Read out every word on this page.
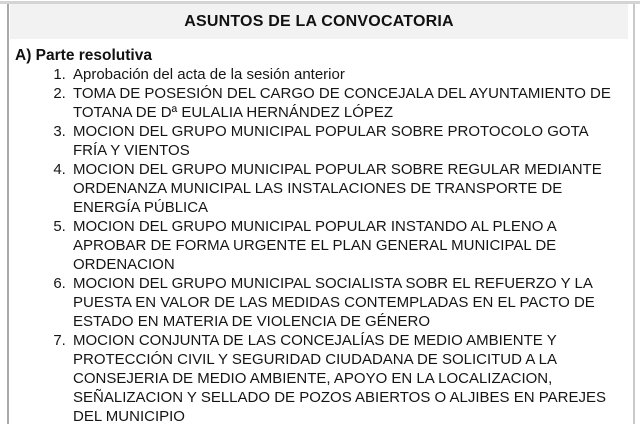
ASUNTOS DE LA CONVOCATORIA
A) Parte resolutiva
1. Aprobación del acta de la sesión anterior
2. TOMA DE POSESIÓN DEL CARGO DE CONCEJALA DEL AYUNTAMIENTO DE TOTANA DE Dª EULALIA HERNÁNDEZ LÓPEZ
3. MOCION DEL GRUPO MUNICIPAL POPULAR SOBRE PROTOCOLO GOTA FRÍA Y VIENTOS
4. MOCION DEL GRUPO MUNICIPAL POPULAR SOBRE REGULAR MEDIANTE ORDENANZA MUNICIPAL LAS INSTALACIONES DE TRANSPORTE DE ENERGÍA PÚBLICA
5. MOCION DEL GRUPO MUNICIPAL POPULAR INSTANDO AL PLENO A APROBAR DE FORMA URGENTE EL PLAN GENERAL MUNICIPAL DE ORDENACION
6. MOCION DEL GRUPO MUNICIPAL SOCIALISTA SOBR EL REFUERZO Y LA PUESTA EN VALOR DE LAS MEDIDAS CONTEMPLADAS EN EL PACTO DE ESTADO EN MATERIA DE VIOLENCIA DE GÉNERO
7. MOCION CONJUNTA DE LAS CONCEJALÍAS DE MEDIO AMBIENTE Y PROTECCIÓN CIVIL Y SEGURIDAD CIUDADANA DE SOLICITUD A LA CONSEJERIA DE MEDIO AMBIENTE, APOYO EN LA LOCALIZACION, SEÑALIZACION Y SELLADO DE POZOS ABIERTOS O ALJIBES EN PAREJES DEL MUNICIPIO
